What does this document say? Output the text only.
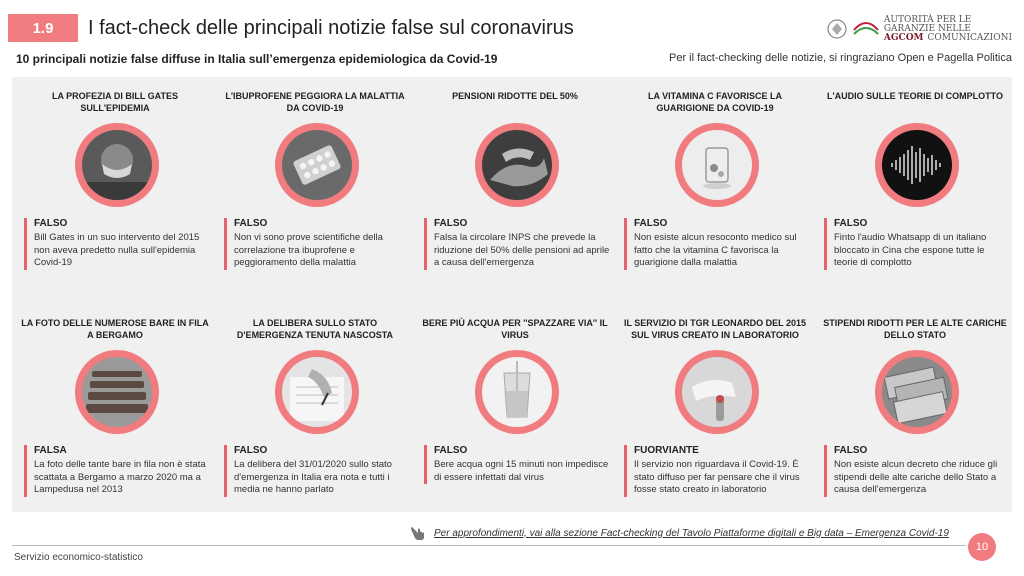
1.9	I fact-check delle principali notizie false sul coronavirus	AUTORITÀ PER LE
GARANZIE NELLE
AGCOM COMUNICAZIONI
10 principali notizie false diffuse in Italia sull’emergenza epidemiologica da Covid-19	Per il fact-checking delle notizie, si ringraziano Open e Pagella Politica
LA PROFEZIA DI BILL GATES SULL'EPIDEMIA
FALSO
Bill Gates in un suo intervento del 2015 non aveva predetto nulla sull'epidemia Covid-19
L'IBUPROFENE PEGGIORA LA MALATTIA DA COVID-19
FALSO
Non vi sono prove scientifiche della correlazione tra ibuprofene e peggioramento della malattia
PENSIONI RIDOTTE DEL 50%
FALSO
Falsa la circolare INPS che prevede la riduzione del 50% delle pensioni ad aprile a causa dell'emergenza
LA VITAMINA C FAVORISCE LA GUARIGIONE DA COVID-19
FALSO
Non esiste alcun resoconto medico sul fatto che la vitamina C favorisca la guarigione dalla malattia
L'AUDIO SULLE TEORIE DI COMPLOTTO
FALSO
Finto l'audio Whatsapp di un italiano bloccato in Cina che espone tutte le teorie di complotto
LA FOTO DELLE NUMEROSE BARE IN FILA A BERGAMO
FALSA
La foto delle tante bare in fila non è stata scattata a Bergamo a marzo 2020 ma a Lampedusa nel 2013
LA DELIBERA SULLO STATO D'EMERGENZA TENUTA NASCOSTA
FALSO
La delibera del 31/01/2020 sullo stato d'emergenza in Italia era nota e tutti i media ne hanno parlato
BERE PIÙ ACQUA PER ''SPAZZARE VIA'' IL VIRUS
FALSO
Bere acqua ogni 15 minuti non impedisce di essere infettati dal virus
IL SERVIZIO DI TGR LEONARDO DEL 2015 SUL VIRUS CREATO IN LABORATORIO
FUORVIANTE
Il servizio non riguardava il Covid-19. È stato diffuso per far pensare che il virus fosse stato creato in laboratorio
STIPENDI RIDOTTI PER LE ALTE CARICHE DELLO STATO
FALSO
Non esiste alcun decreto che riduce gli stipendi delle alte cariche dello Stato a causa dell'emergenza
Per approfondimenti, vai alla sezione Fact-checking del Tavolo Piattaforme digitali e Big data – Emergenza Covid-19
10
Servizio economico-statistico
